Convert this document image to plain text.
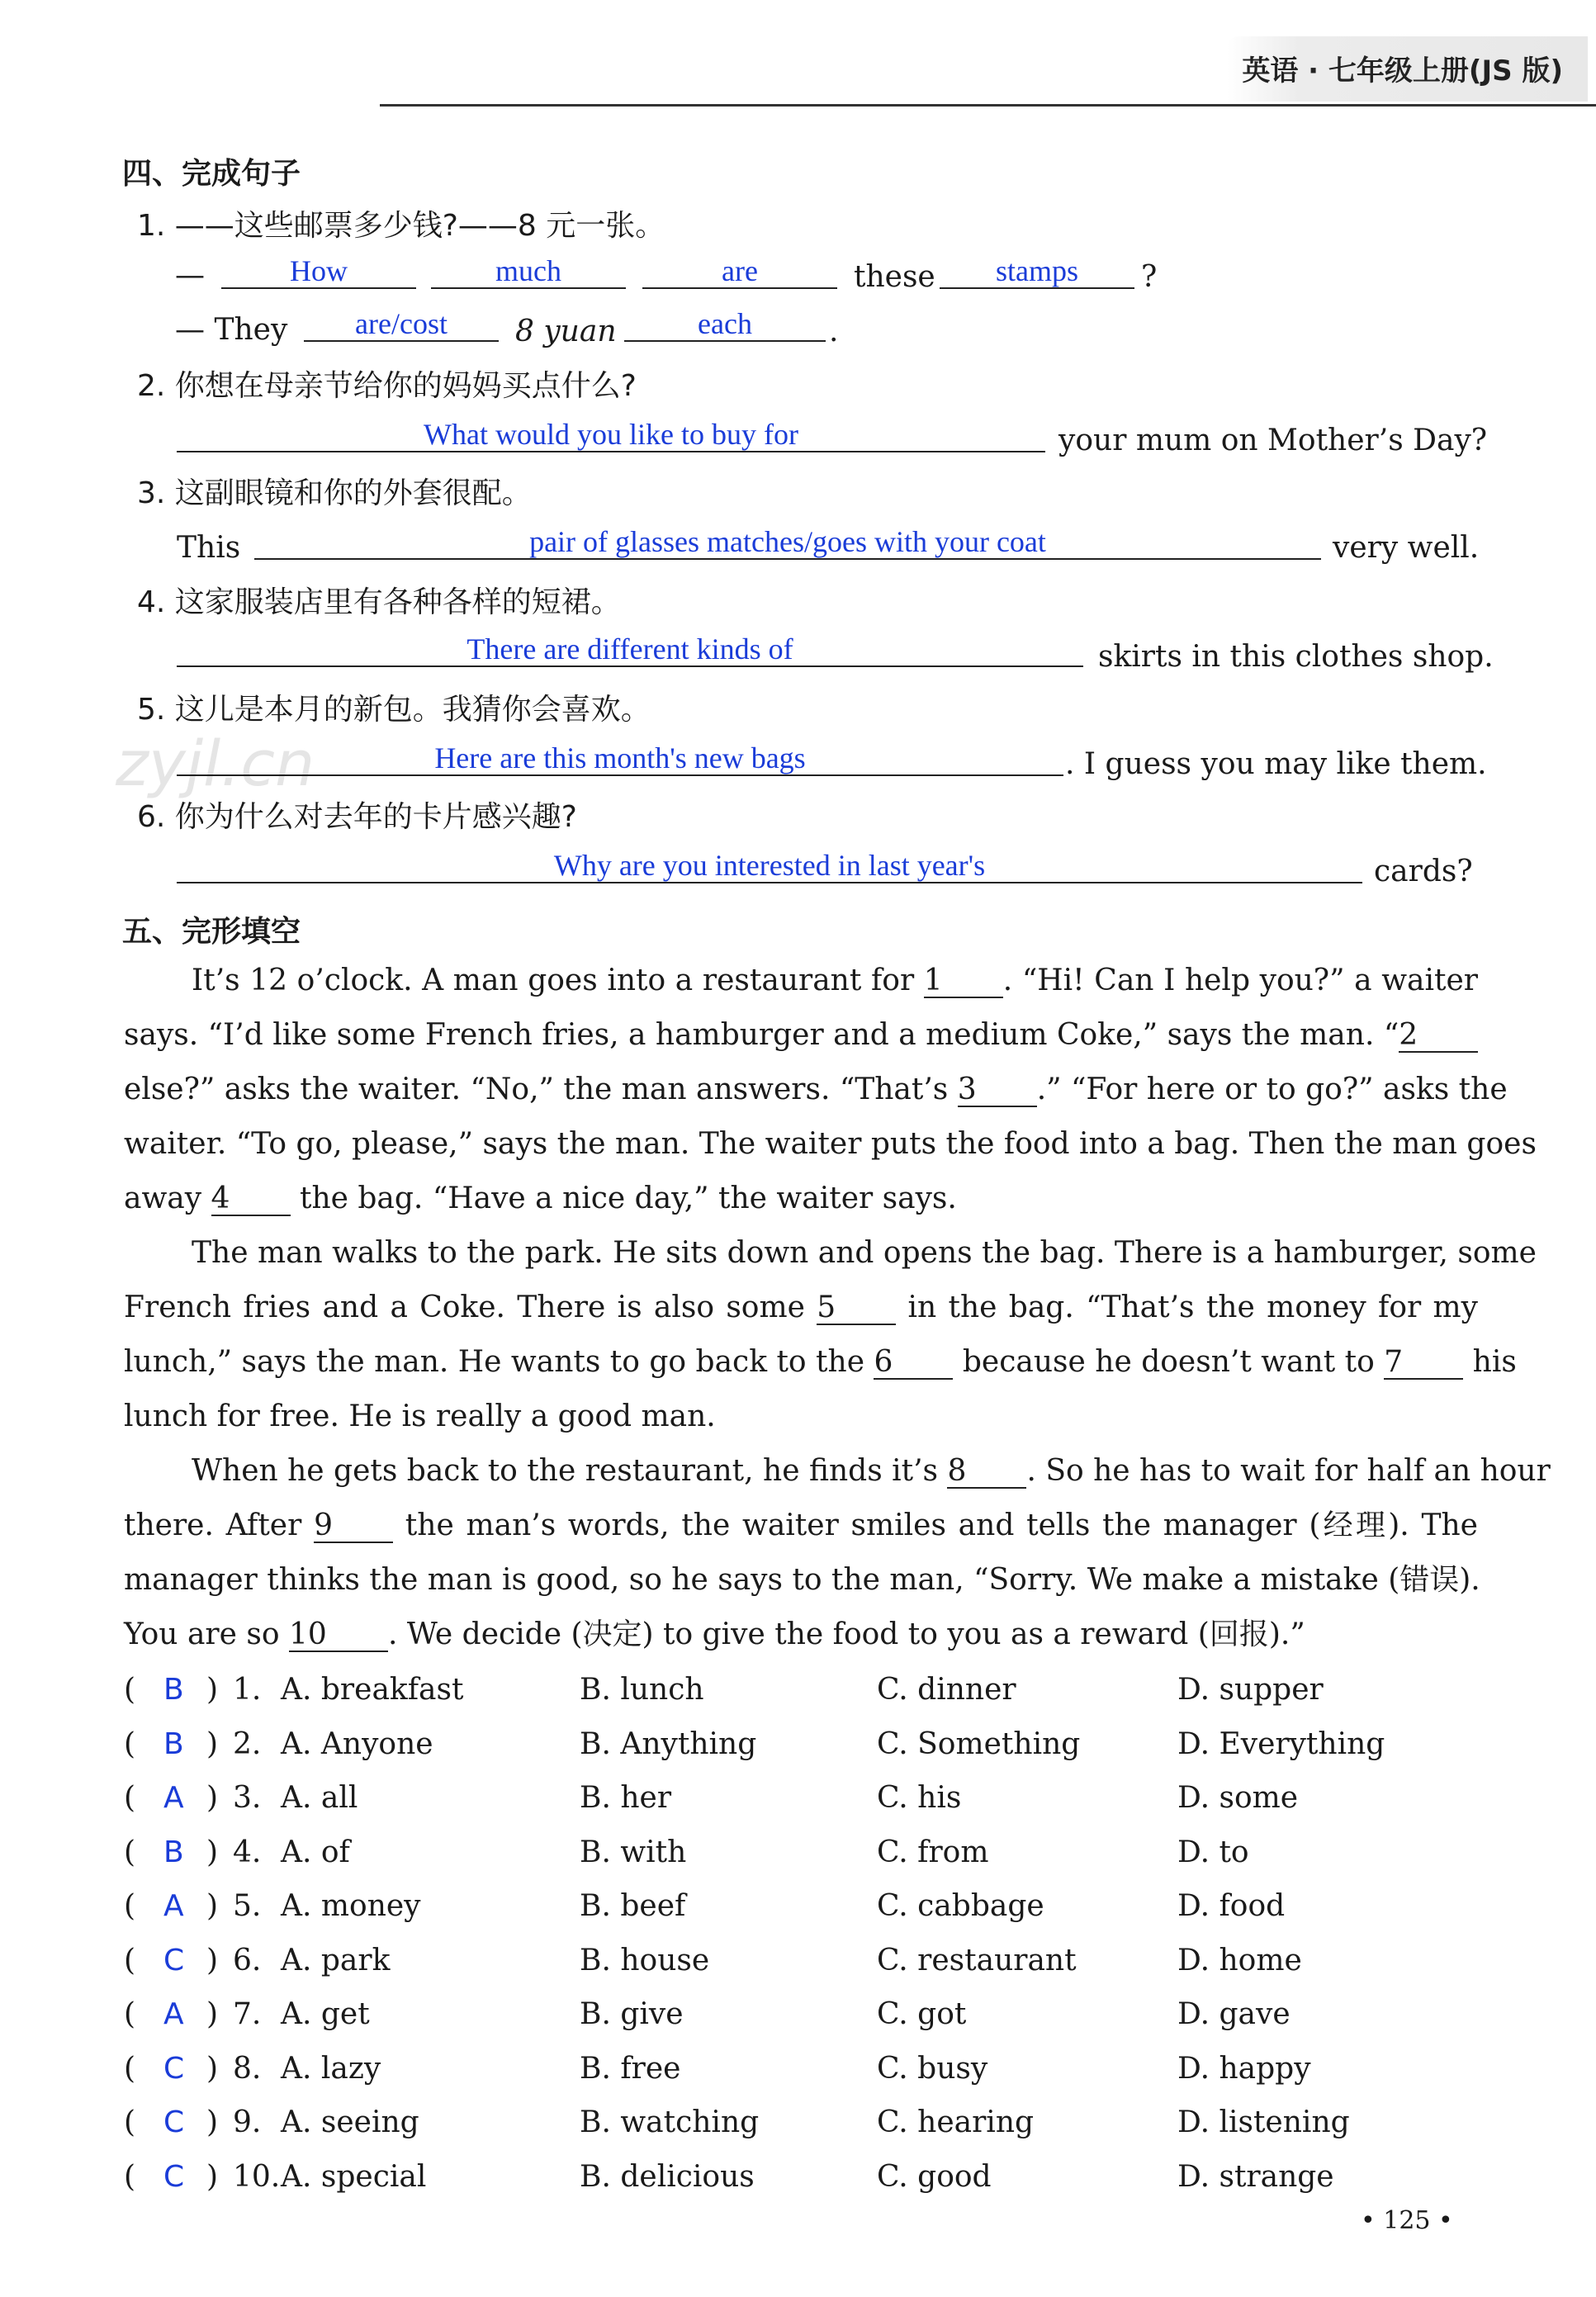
英语 · 七年级上册(JS 版)
zyjl.cn
四、完成句子
1. ——这些邮票多少钱?——8 元一张。
—	How	much	are	these	stamps	?
— They	are/cost	8 yuan	each	.
2. 你想在母亲节给你的妈妈买点什么?
What would you like to buy for	your mum on Mother’s Day?
3. 这副眼镜和你的外套很配。
This	pair of glasses matches/goes with your coat	very well.
4. 这家服装店里有各种各样的短裙。
There are different kinds of	skirts in this clothes shop.
5. 这儿是本月的新包。我猜你会喜欢。
Here are this month's new bags	. I guess you may like them.
6. 你为什么对去年的卡片感兴趣?
Why are you interested in last year's	cards?
五、完形填空
It’s 12 o’clock. A man goes into a restaurant for 1 . “Hi! Can I help you?” a waiter
says. “I’d like some French fries, a hamburger and a medium Coke,” says the man. “2
else?” asks the waiter. “No,” the man answers. “That’s 3 .” “For here or to go?” asks the
waiter. “To go, please,” says the man. The waiter puts the food into a bag. Then the man goes
away 4 the bag. “Have a nice day,” the waiter says.
The man walks to the park. He sits down and opens the bag. There is a hamburger, some
French fries and a Coke. There is also some 5 in the bag. “That’s the money for my
lunch,” says the man. He wants to go back to the 6 because he doesn’t want to 7 his
lunch for free. He is really a good man.
When he gets back to the restaurant, he finds it’s 8 . So he has to wait for half an hour
there. After 9 the man’s words, the waiter smiles and tells the manager (经理). The
manager thinks the man is good, so he says to the man, “Sorry. We make a mistake (错误).
You are so 10 . We decide (决定) to give the food to you as a reward (回报).”
( B ) 1. A. breakfast	B. lunch	C. dinner	D. supper
( B ) 2. A. Anyone	B. Anything	C. Something	D. Everything
( A ) 3. A. all	B. her	C. his	D. some
( B ) 4. A. of	B. with	C. from	D. to
( A ) 5. A. money	B. beef	C. cabbage	D. food
( C ) 6. A. park	B. house	C. restaurant	D. home
( A ) 7. A. get	B. give	C. got	D. gave
( C ) 8. A. lazy	B. free	C. busy	D. happy
( C ) 9. A. seeing	B. watching	C. hearing	D. listening
( C ) 10. A. special	B. delicious	C. good	D. strange
• 125 •
